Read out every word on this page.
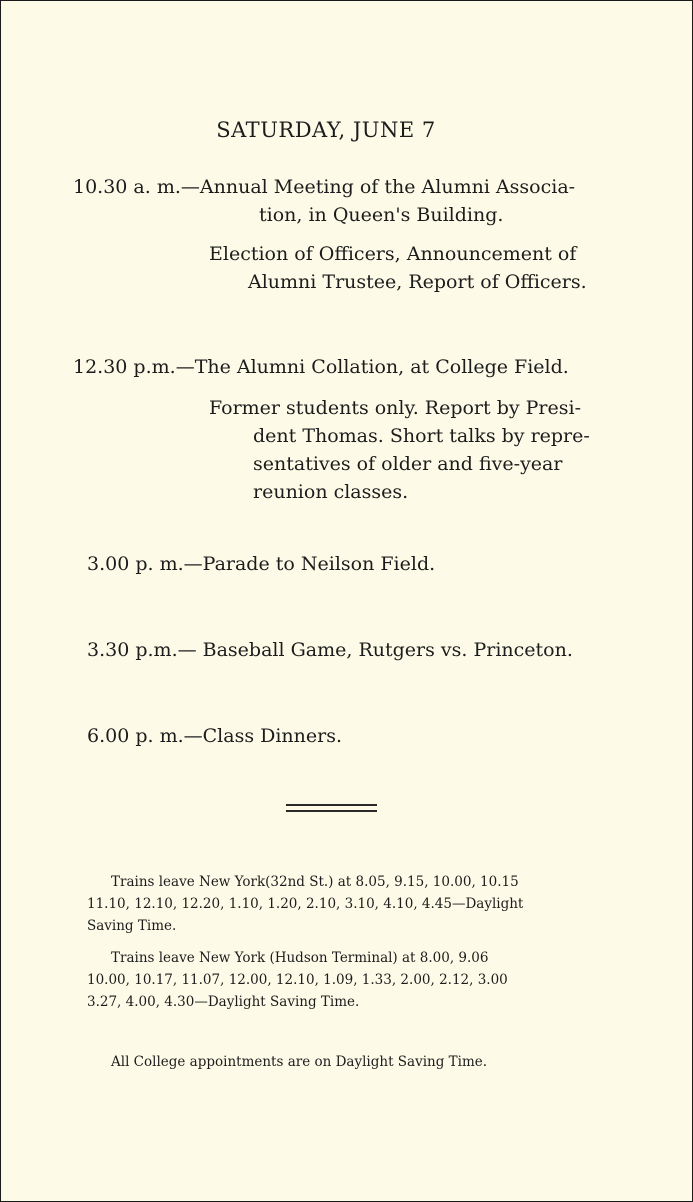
SATURDAY, JUNE 7
10.30 a. m.—Annual Meeting of the Alumni Associa-
tion, in Queen's Building.
Election of Officers, Announcement of
Alumni Trustee, Report of Officers.
12.30 p.m.—The Alumni Collation, at College Field.
Former students only. Report by Presi-
dent Thomas. Short talks by repre-
sentatives of older and five-year
reunion classes.
3.00 p. m.—Parade to Neilson Field.
3.30 p.m.— Baseball Game, Rutgers vs. Princeton.
6.00 p. m.—Class Dinners.
Trains leave New York(32nd St.) at 8.05, 9.15, 10.00, 10.15
11.10, 12.10, 12.20, 1.10, 1.20, 2.10, 3.10, 4.10, 4.45—Daylight
Saving Time.
Trains leave New York (Hudson Terminal) at 8.00, 9.06
10.00, 10.17, 11.07, 12.00, 12.10, 1.09, 1.33, 2.00, 2.12, 3.00
3.27, 4.00, 4.30—Daylight Saving Time.
All College appointments are on Daylight Saving Time.
